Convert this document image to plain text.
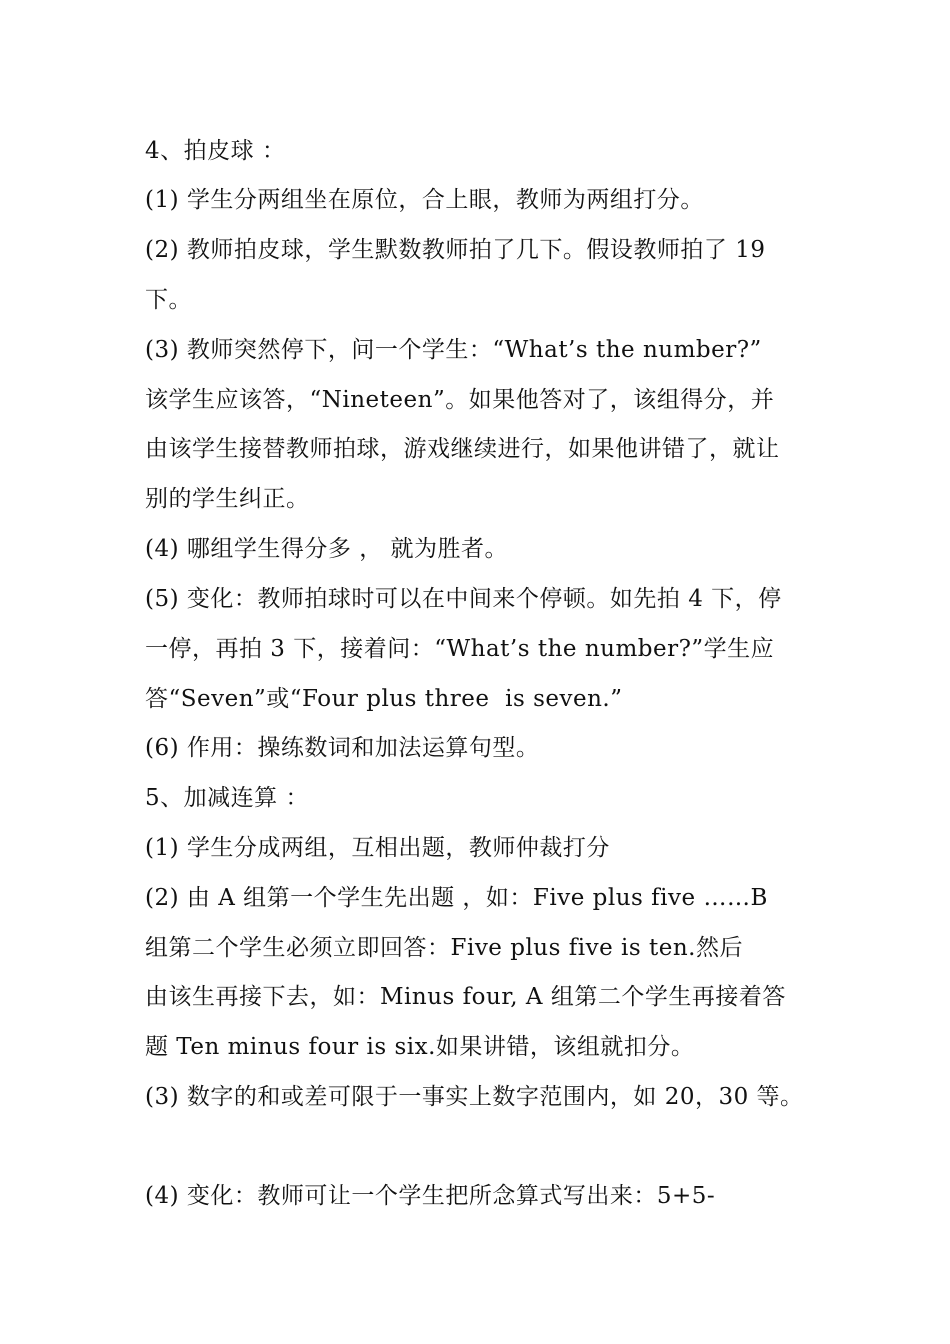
4、拍皮球 ：
(1) 学生分两组坐在原位，合上眼，教师为两组打分。
(2) 教师拍皮球，学生默数教师拍了几下。假设教师拍了 19
下。
(3) 教师突然停下，问一个学生：“What’s the number?”
该学生应该答，“Nineteen”。如果他答对了，该组得分，并
由该学生接替教师拍球，游戏继续进行，如果他讲错了，就让
别的学生纠正。
(4) 哪组学生得分多 ， 就为胜者。
(5) 变化：教师拍球时可以在中间来个停顿。如先拍 4 下，停
一停，再拍 3 下，接着问：“What’s the number?”学生应
答“Seven”或“Four plus three  is seven.”
(6) 作用：操练数词和加法运算句型。
5、加减连算 ：
(1) 学生分成两组，互相出题，教师仲裁打分
(2) 由 A 组第一个学生先出题 ，如：Five plus five ……B
组第二个学生必须立即回答：Five plus five is ten.然后
由该生再接下去，如：Minus four, A 组第二个学生再接着答
题 Ten minus four is six.如果讲错，该组就扣分。
(3) 数字的和或差可限于一事实上数字范围内，如 20，30 等。
(4) 变化：教师可让一个学生把所念算式写出来：5+5-
